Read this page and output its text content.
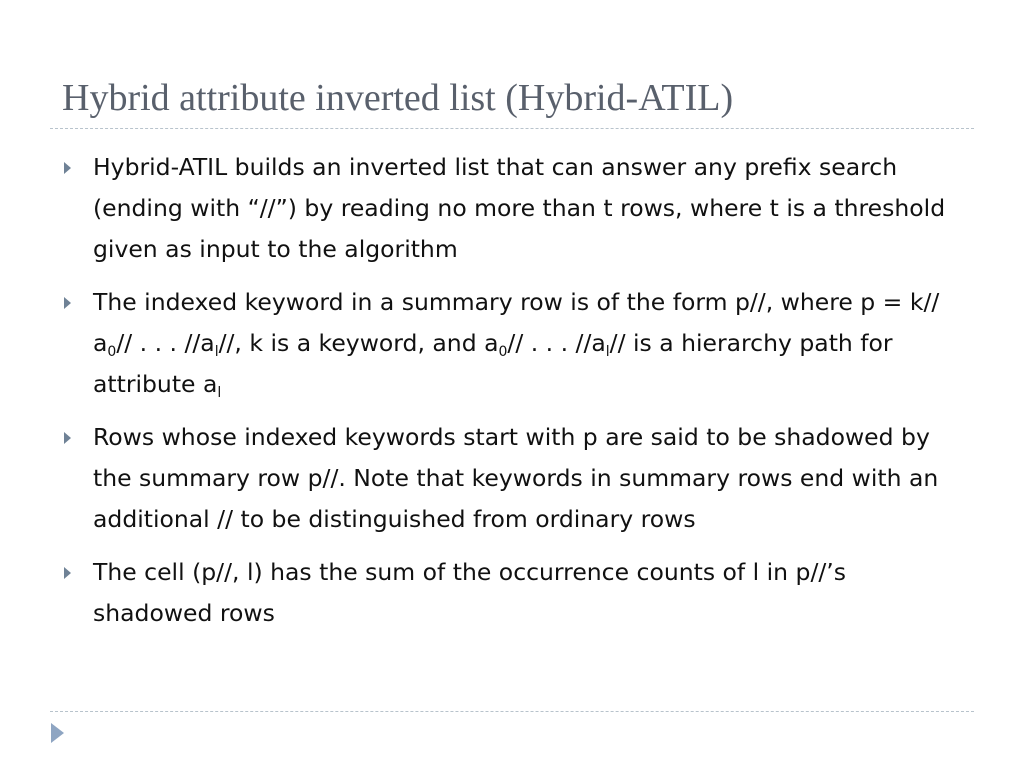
Hybrid attribute inverted list (Hybrid-ATIL)
Hybrid-ATIL builds an inverted list that can answer any prefix search (ending with “//”) by reading no more than t rows, where t is a threshold given as input to the algorithm
The indexed keyword in a summary row is of the form p//, where p = k// $a_0//$ . . . $//a_l//$, k is a keyword, and $a_0//$ . . . $//a_l//$ is a hierarchy path for attribute $a_l$
Rows whose indexed keywords start with p are said to be shadowed by the summary row p//. Note that keywords in summary rows end with an additional // to be distinguished from ordinary rows
The cell (p//, l) has the sum of the occurrence counts of l in p//’s shadowed rows
